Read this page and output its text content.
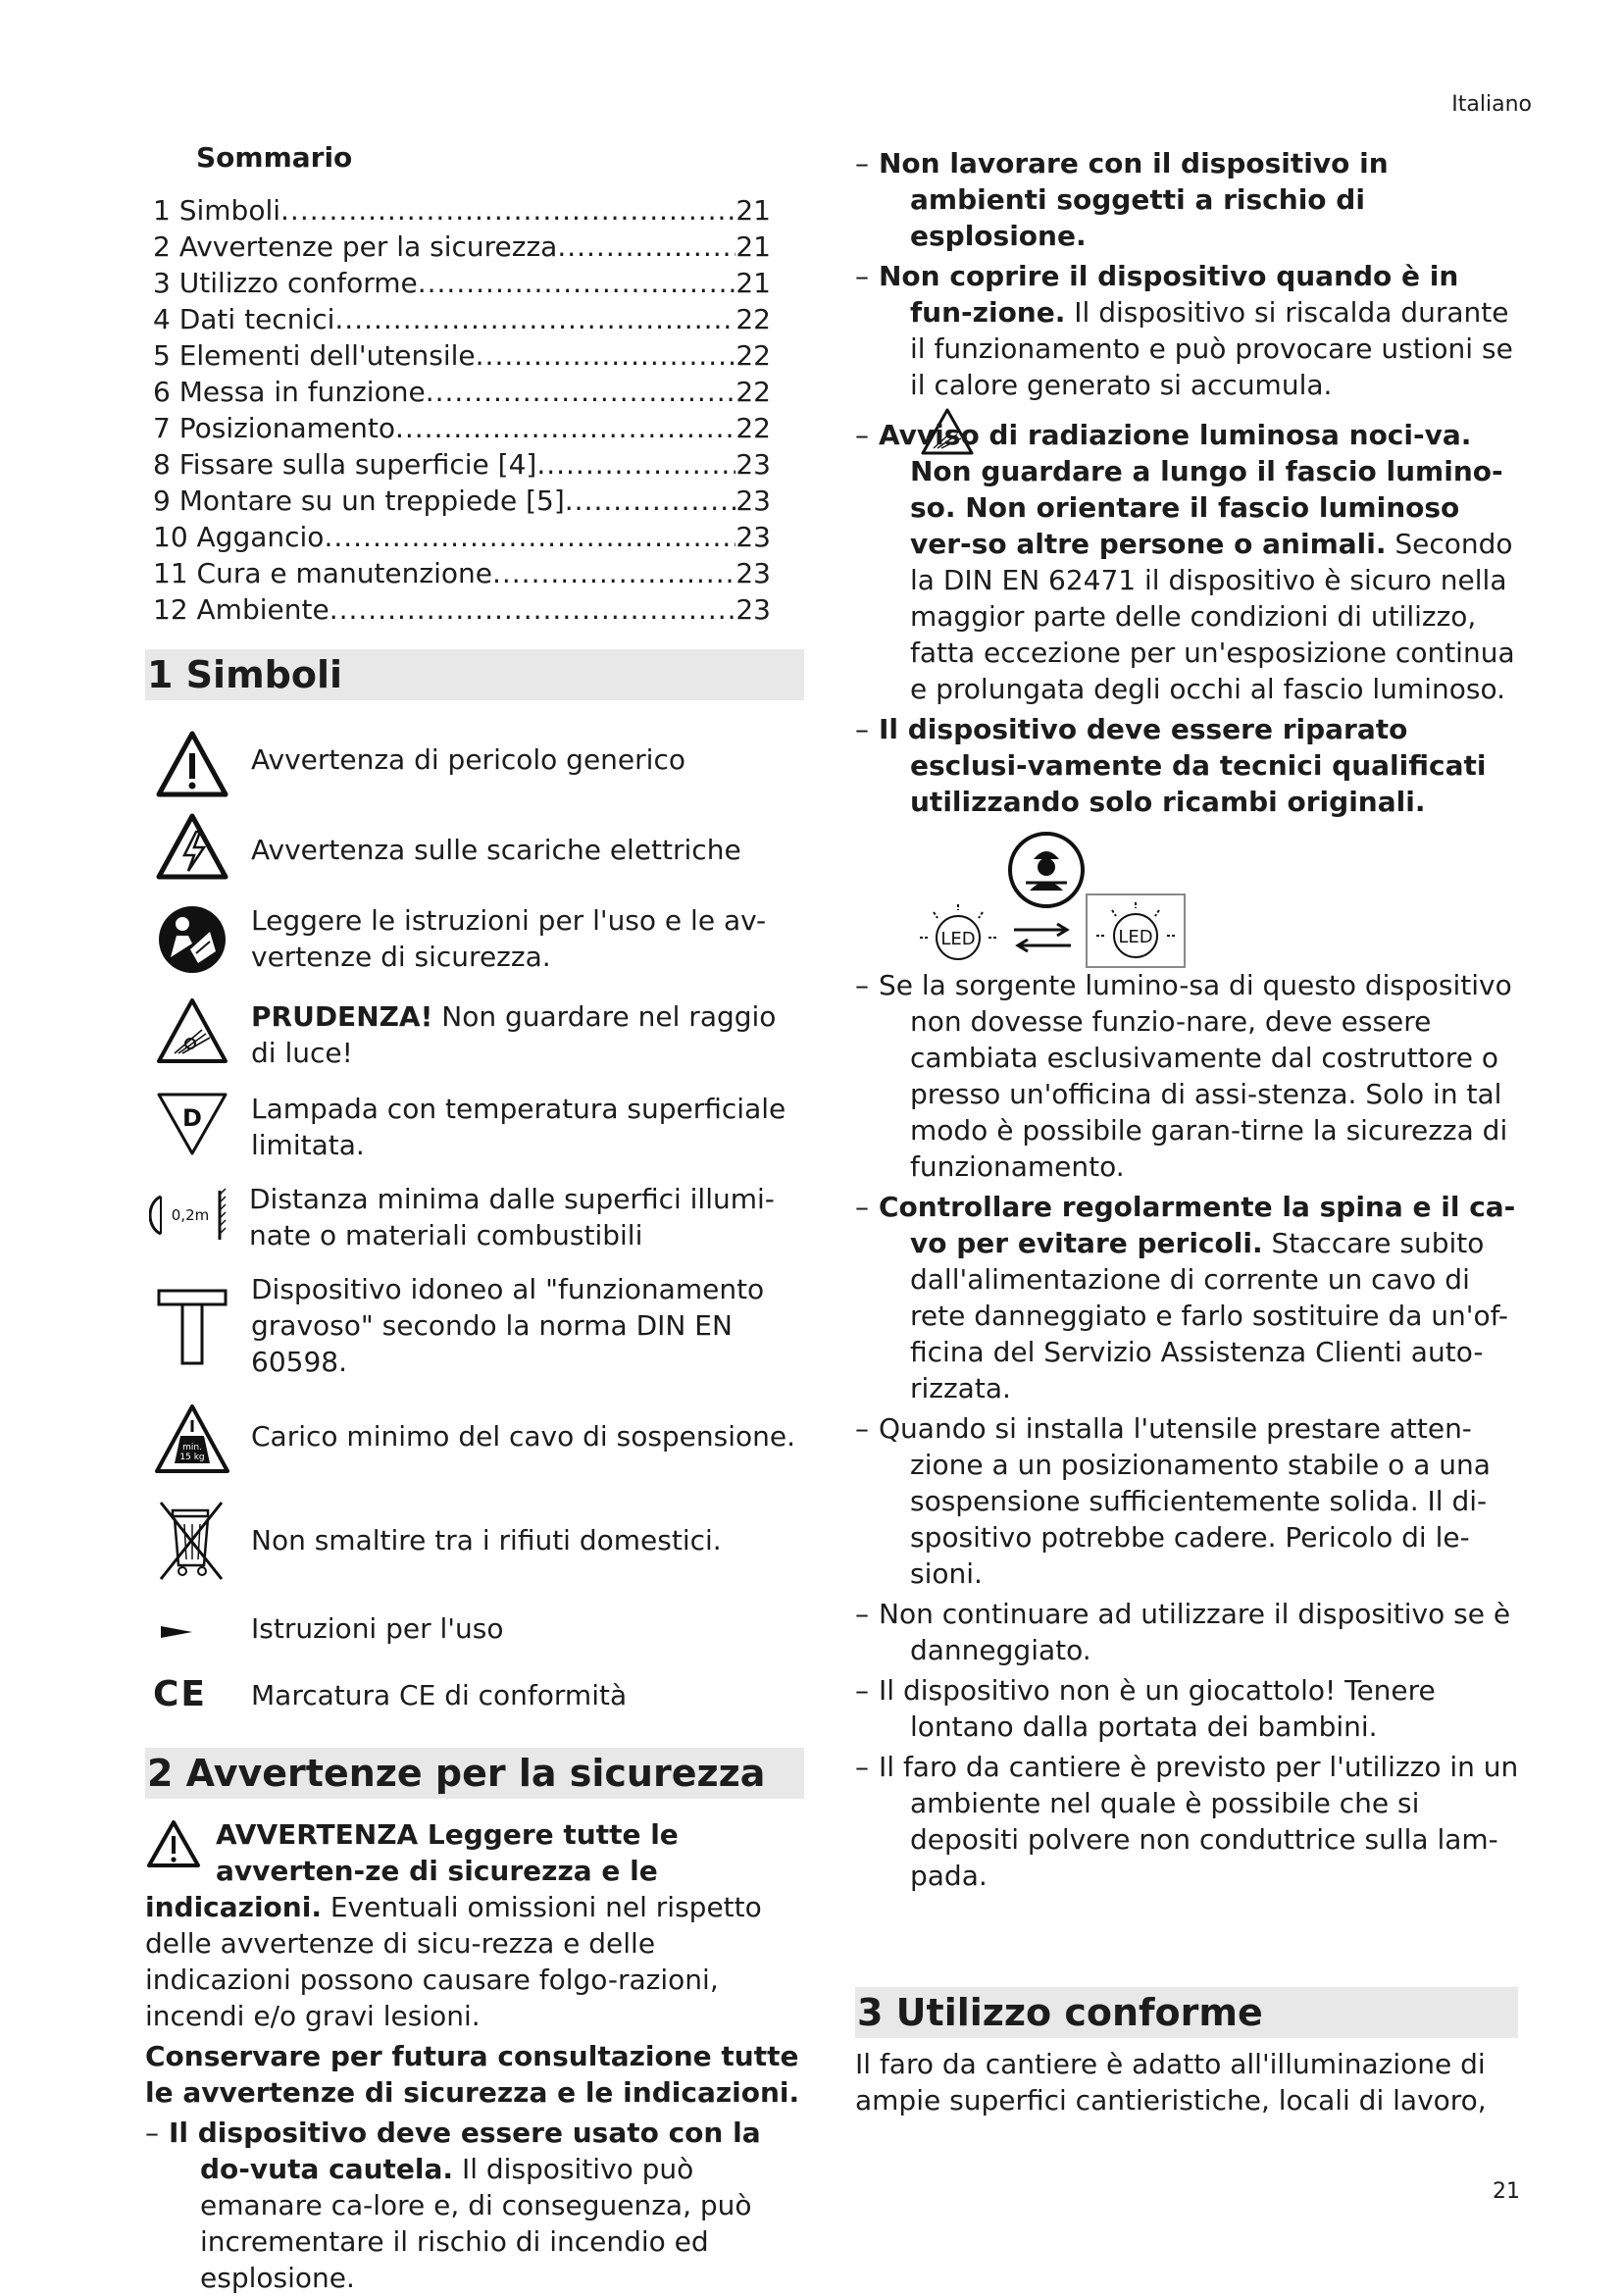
Italiano
21
Sommario
1 Simboli .....	21
2 Avvertenze per la sicurezza .....	21
3 Utilizzo conforme .....	21
4 Dati tecnici .....	22
5 Elementi dell'utensile .....	22
6 Messa in funzione .....	22
7 Posizionamento .....	22
8 Fissare sulla superficie [4] .....	23
9 Montare su un treppiede [5] .....	23
10 Aggancio .....	23
11 Cura e manutenzione .....	23
12 Ambiente .....	23
1 Simboli
Avvertenza di pericolo generico
Avvertenza sulle scariche elettriche
Leggere le istruzioni per l'uso e le av-vertenze di sicurezza.
PRUDENZA! Non guardare nel raggio di luce!
D Lampada con temperatura superficiale limitata.
0,2m Distanza minima dalle superfici illumi-nate o materiali combustibili
Dispositivo idoneo al "funzionamento gravoso" secondo la norma DIN EN 60598.
min.
15 kg
Carico minimo del cavo di sospensione.
Non smaltire tra i rifiuti domestici.
Istruzioni per l'uso
CE	Marcatura CE di conformità
2 Avvertenze per la sicurezza

AVVERTENZA Leggere tutte le avverten-ze di sicurezza e le indicazioni. Eventuali omissioni nel rispetto delle avvertenze di sicu-rezza e delle indicazioni possono causare folgo-razioni, incendi e/o gravi lesioni.

Conservare per futura consultazione tutte le avvertenze di sicurezza e le indicazioni.

– Il dispositivo deve essere usato con la do-vuta cautela. Il dispositivo può emanare ca-lore e, di conseguenza, può incrementare il rischio di incendio ed esplosione.

– Non lavorare con il dispositivo in ambienti soggetti a rischio di esplosione.

– Non coprire il dispositivo quando è in fun-zione. Il dispositivo si riscalda durante il funzionamento e può provocare ustioni se il calore generato si accumula.

– Avviso di radiazione luminosa noci-va. Non guardare a lungo il fascio lumino-so. Non orientare il fascio luminoso ver-so altre persone o animali. Secondo la DIN EN 62471 il dispositivo è sicuro nella maggior parte delle condizioni di utilizzo, fatta eccezione per un'esposizione continua e prolungata degli occhi al fascio luminoso.

– Il dispositivo deve essere riparato esclusi-vamente da tecnici qualificati utilizzando solo ricambi originali.

LED	LED

– Se la sorgente lumino-sa di questo dispositivo non dovesse funzio-nare, deve essere cambiata esclusivamente dal costruttore o presso un'officina di assi-stenza. Solo in tal modo è possibile garan-tirne la sicurezza di funzionamento.

– Controllare regolarmente la spina e il ca-vo per evitare pericoli. Staccare subito dall'alimentazione di corrente un cavo di rete danneggiato e farlo sostituire da un'of-ficina del Servizio Assistenza Clienti auto-rizzata.

– Quando si installa l'utensile prestare atten-zione a un posizionamento stabile o a una sospensione sufficientemente solida. Il di-spositivo potrebbe cadere. Pericolo di le-sioni.

– Non continuare ad utilizzare il dispositivo se è danneggiato.

– Il dispositivo non è un giocattolo! Tenere lontano dalla portata dei bambini.

– Il faro da cantiere è previsto per l'utilizzo in un ambiente nel quale è possibile che si depositi polvere non conduttrice sulla lam-pada.

3 Utilizzo conforme
Il faro da cantiere è adatto all'illuminazione di ampie superfici cantieristiche, locali di lavoro,
